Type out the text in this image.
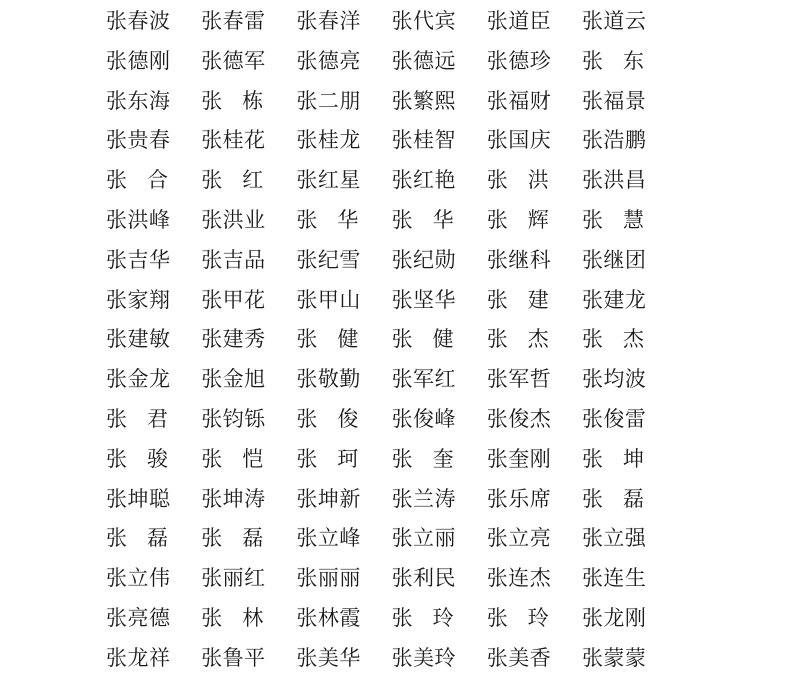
张春波 张春雷 张春洋 张代宾 张道臣 张道云
张德刚 张德军 张德亮 张德远 张德珍 张 东
张东海 张 栋 张二朋 张繁熙 张福财 张福景
张贵春 张桂花 张桂龙 张桂智 张国庆 张浩鹏
张 合 张 红 张红星 张红艳 张 洪 张洪昌
张洪峰 张洪业 张 华 张 华 张 辉 张 慧
张吉华 张吉品 张纪雪 张纪勋 张继科 张继团
张家翔 张甲花 张甲山 张坚华 张 建 张建龙
张建敏 张建秀 张 健 张 健 张 杰 张 杰
张金龙 张金旭 张敬勤 张军红 张军哲 张均波
张 君 张钧铄 张 俊 张俊峰 张俊杰 张俊雷
张 骏 张 恺 张 珂 张 奎 张奎刚 张 坤
张坤聪 张坤涛 张坤新 张兰涛 张乐席 张 磊
张 磊 张 磊 张立峰 张立丽 张立亮 张立强
张立伟 张丽红 张丽丽 张利民 张连杰 张连生
张亮德 张 林 张林霞 张 玲 张 玲 张龙刚
张龙祥 张鲁平 张美华 张美玲 张美香 张蒙蒙
